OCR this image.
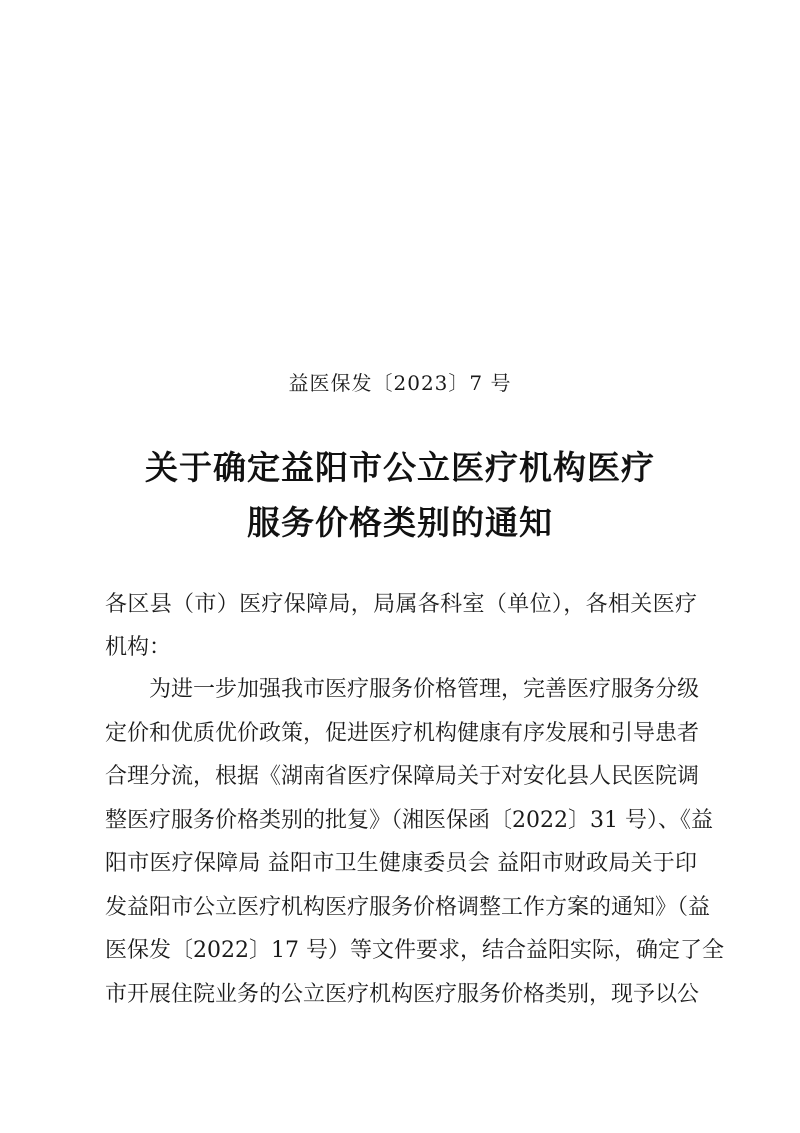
益医保发〔2023〕7 号
关于确定益阳市公立医疗机构医疗
服务价格类别的通知
各区县（市）医疗保障局，局属各科室（单位），各相关医疗
机构：
为进一步加强我市医疗服务价格管理，完善医疗服务分级
定价和优质优价政策，促进医疗机构健康有序发展和引导患者
合理分流，根据《湖南省医疗保障局关于对安化县人民医院调
整医疗服务价格类别的批复》（湘医保函〔2022〕31 号）、《益
阳市医疗保障局 益阳市卫生健康委员会 益阳市财政局关于印
发益阳市公立医疗机构医疗服务价格调整工作方案的通知》（益
医保发〔2022〕17 号）等文件要求，结合益阳实际，确定了全
市开展住院业务的公立医疗机构医疗服务价格类别，现予以公
